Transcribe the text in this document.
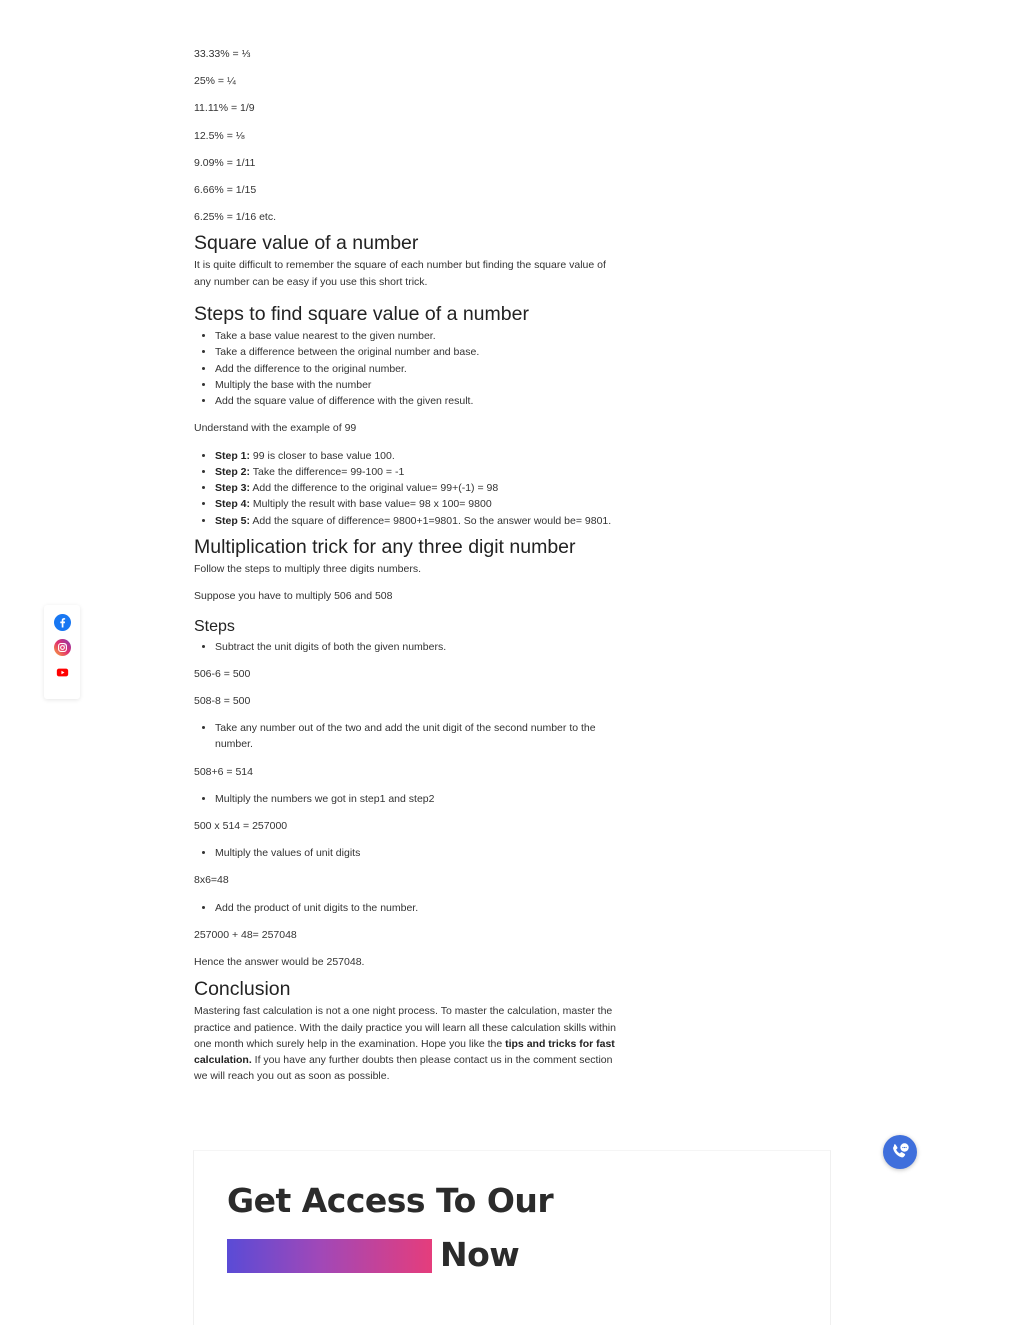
33.33% = ⅓

25% = ¼

11.11% = 1/9

12.5% = ⅛

9.09% = 1/11

6.66% = 1/15

6.25% = 1/16 etc.

Square value of a number

It is quite difficult to remember the square of each number but finding the square value of any number can be easy if you use this short trick.

Steps to find square value of a number
• Take a base value nearest to the given number.
• Take a difference between the original number and base.
• Add the difference to the original number.
• Multiply the base with the number
• Add the square value of difference with the given result.

Understand with the example of 99

• Step 1: 99 is closer to base value 100.
• Step 2: Take the difference= 99-100 = -1
• Step 3: Add the difference to the original value= 99+(-1) = 98
• Step 4: Multiply the result with base value= 98 x 100= 9800
• Step 5: Add the square of difference= 9800+1=9801. So the answer would be= 9801.
Multiplication trick for any three digit number

Follow the steps to multiply three digits numbers.

Suppose you have to multiply 506 and 508

Steps
• Subtract the unit digits of both the given numbers.

506-6 = 500

508-8 = 500

• Take any number out of the two and add the unit digit of the second number to the number.

508+6 = 514

• Multiply the numbers we got in step1 and step2

500 x 514 = 257000

• Multiply the values of unit digits

8x6=48

• Add the product of unit digits to the number.

257000 + 48= 257048

Hence the answer would be 257048.

Conclusion

Mastering fast calculation is not a one night process. To master the calculation, master the practice and patience. With the daily practice you will learn all these calculation skills within one month which surely help in the examination. Hope you like the tips and tricks for fast calculation. If you have any further doubts then please contact us in the comment section we will reach you out as soon as possible.

Get Access To Our
Now
